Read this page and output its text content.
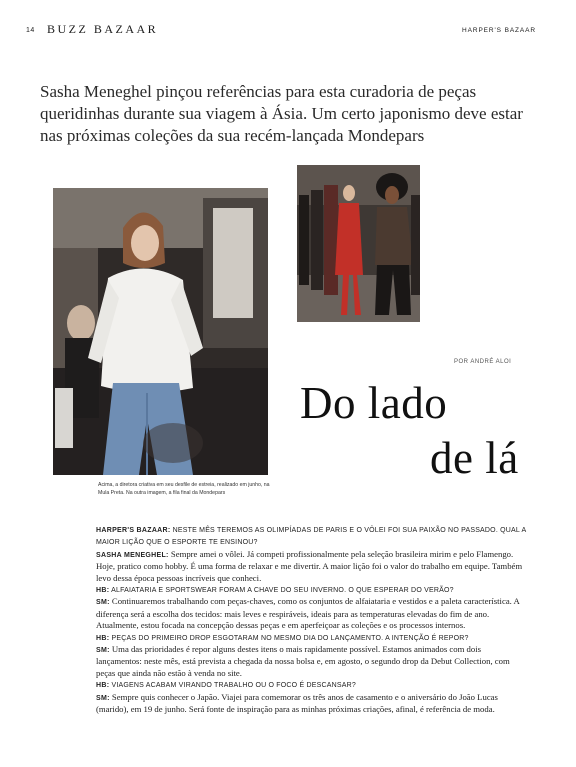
14 BUZZ BAZAAR	HARPER'S BAZAAR
Sasha Meneghel pinçou referências para esta curadoria de peças queridinhas durante sua viagem à Ásia. Um certo japonismo deve estar nas próximas coleções da sua recém-lançada Mondepars
Acima, a diretora criativa em seu desfile de estreia, realizado em junho, na Mula Preta. Na outra imagem, a fila final da Mondepars
POR ANDRÉ ALOI
Do lado
de lá

HARPER'S BAZAAR: NESTE MÊS TEREMOS AS OLIMPÍADAS DE PARIS E O VÔLEI FOI SUA PAIXÃO NO PASSADO. QUAL A MAIOR LIÇÃO QUE O ESPORTE TE ENSINOU?

SASHA MENEGHEL: Sempre amei o vôlei. Já competi profissionalmente pela seleção brasileira mirim e pelo Flamengo. Hoje, pratico como hobby. É uma forma de relaxar e me divertir. A maior lição foi o valor do trabalho em equipe. Também levo dessa época pessoas incríveis que conheci.

HB: ALFAIATARIA E SPORTSWEAR FORAM A CHAVE DO SEU INVERNO. O QUE ESPERAR DO VERÃO?

SM: Continuaremos trabalhando com peças-chaves, como os conjuntos de alfaiataria e vestidos e a paleta característica. A diferença será a escolha dos tecidos: mais leves e respiráveis, ideais para as temperaturas elevadas do fim de ano. Atualmente, estou focada na concepção dessas peças e em aperfeiçoar as coleções e os processos internos.

HB: PEÇAS DO PRIMEIRO DROP ESGOTARAM NO MESMO DIA DO LANÇAMENTO. A INTENÇÃO É REPOR?

SM: Uma das prioridades é repor alguns destes itens o mais rapidamente possível. Estamos animados com dois lançamentos: neste mês, está prevista a chegada da nossa bolsa e, em agosto, o segundo drop da Debut Collection, com peças que ainda não estão à venda no site.

HB: VIAGENS ACABAM VIRANDO TRABALHO OU O FOCO É DESCANSAR?

SM: Sempre quis conhecer o Japão. Viajei para comemorar os três anos de casamento e o aniversário do João Lucas (marido), em 19 de junho. Será fonte de inspiração para as minhas próximas criações, afinal, é referência de moda.
